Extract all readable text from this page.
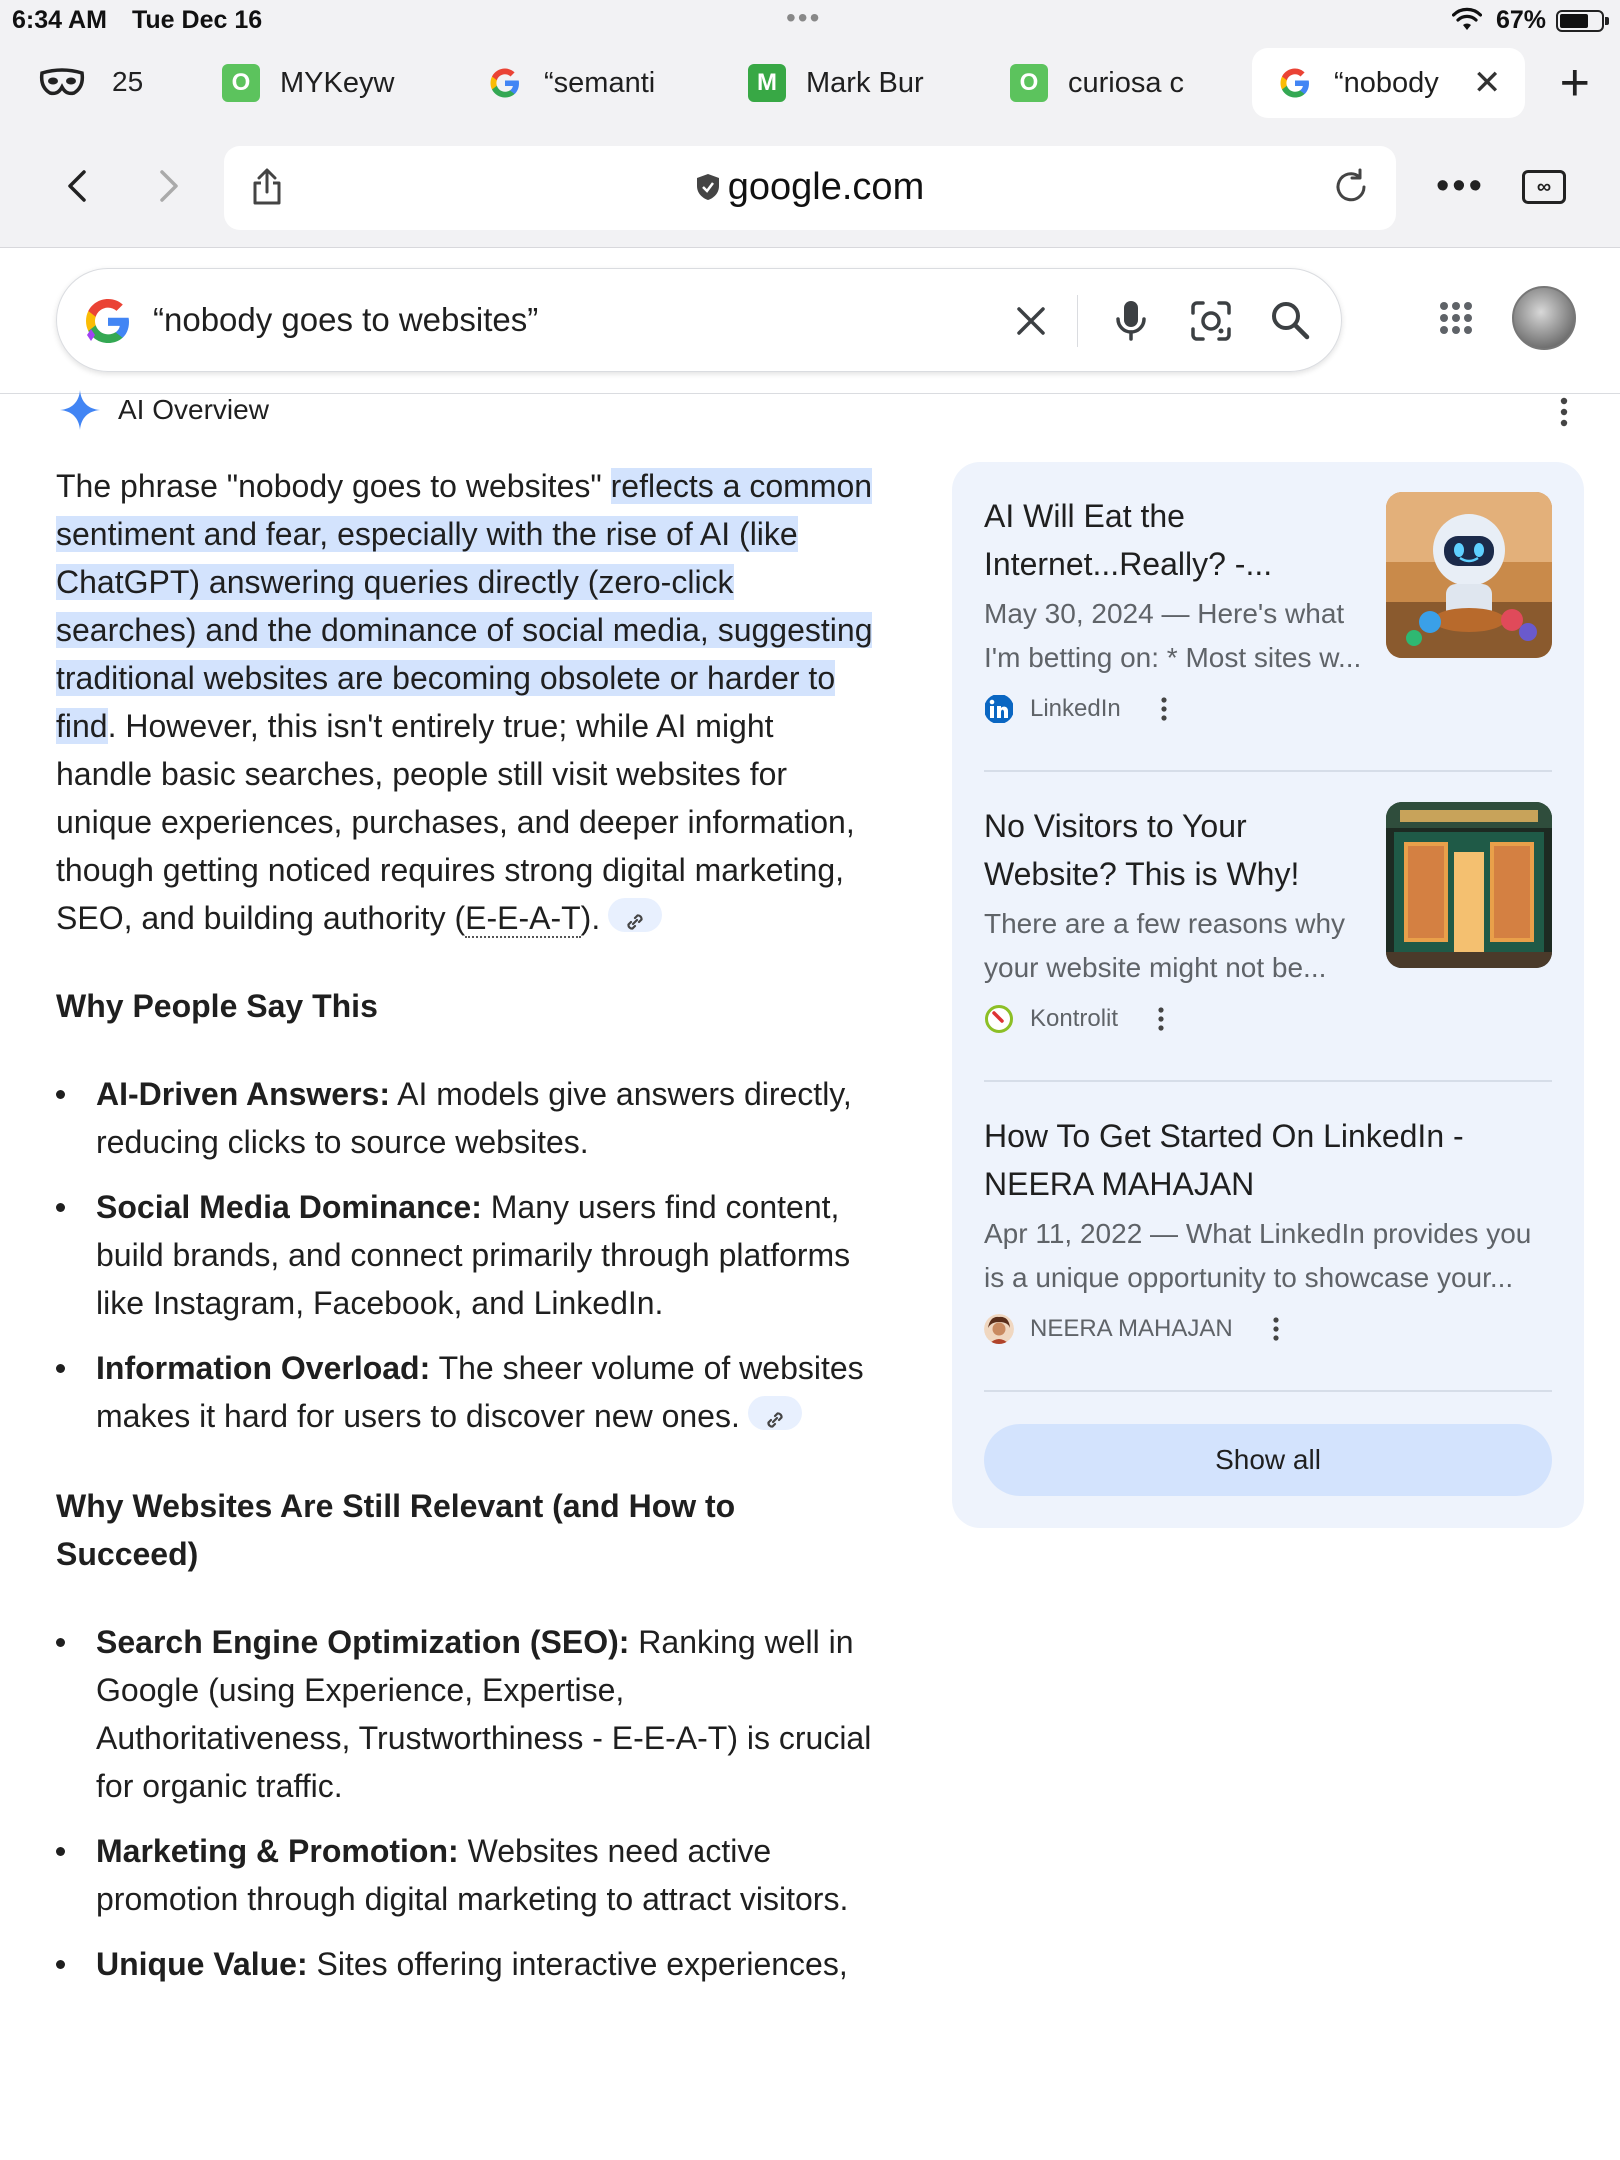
6:34 AM Tue Dec 16	•••	67%
25	O	MYKeyw	“semanti	M	Mark Bur	O	curiosa c	“nobody ✕ +
google.com	•••	∞
“nobody goes to websites”
AI Overview

The phrase "nobody goes to websites" reflects a common sentiment and fear, especially with the rise of AI (like ChatGPT) answering queries directly (zero-click searches) and the dominance of social media, suggesting traditional websites are becoming obsolete or harder to find. However, this isn't entirely true; while AI might handle basic searches, people still visit websites for unique experiences, purchases, and deeper information, though getting noticed requires strong digital marketing, SEO, and building authority (E-E-A-T).

Why People Say This
AI-Driven Answers: AI models give answers directly, reducing clicks to source websites.
Social Media Dominance: Many users find content, build brands, and connect primarily through platforms like Instagram, Facebook, and LinkedIn.
Information Overload: The sheer volume of websites makes it hard for users to discover new ones.
Why Websites Are Still Relevant (and How to Succeed)
Search Engine Optimization (SEO): Ranking well in Google (using Experience, Expertise, Authoritativeness, Trustworthiness - E-E-A-T) is crucial for organic traffic.
Marketing & Promotion: Websites need active promotion through digital marketing to attract visitors.
Unique Value: Sites offering interactive experiences,
AI Will Eat the Internet...Really? -...
May 30, 2024 — Here's what I'm betting on: * Most sites w...
LinkedIn
No Visitors to Your Website? This is Why!
There are a few reasons why your website might not be...
Kontrolit
How To Get Started On LinkedIn - NEERA MAHAJAN
Apr 11, 2022 — What LinkedIn provides you is a unique opportunity to showcase your...
NEERA MAHAJAN
Show all
